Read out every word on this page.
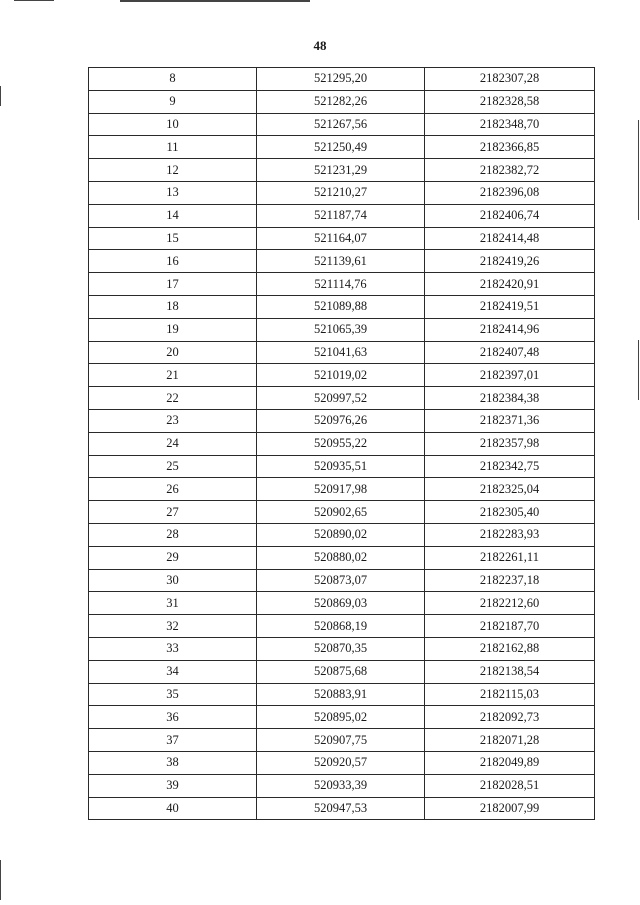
48
8	521295,20	2182307,28
9	521282,26	2182328,58
10	521267,56	2182348,70
11	521250,49	2182366,85
12	521231,29	2182382,72
13	521210,27	2182396,08
14	521187,74	2182406,74
15	521164,07	2182414,48
16	521139,61	2182419,26
17	521114,76	2182420,91
18	521089,88	2182419,51
19	521065,39	2182414,96
20	521041,63	2182407,48
21	521019,02	2182397,01
22	520997,52	2182384,38
23	520976,26	2182371,36
24	520955,22	2182357,98
25	520935,51	2182342,75
26	520917,98	2182325,04
27	520902,65	2182305,40
28	520890,02	2182283,93
29	520880,02	2182261,11
30	520873,07	2182237,18
31	520869,03	2182212,60
32	520868,19	2182187,70
33	520870,35	2182162,88
34	520875,68	2182138,54
35	520883,91	2182115,03
36	520895,02	2182092,73
37	520907,75	2182071,28
38	520920,57	2182049,89
39	520933,39	2182028,51
40	520947,53	2182007,99
